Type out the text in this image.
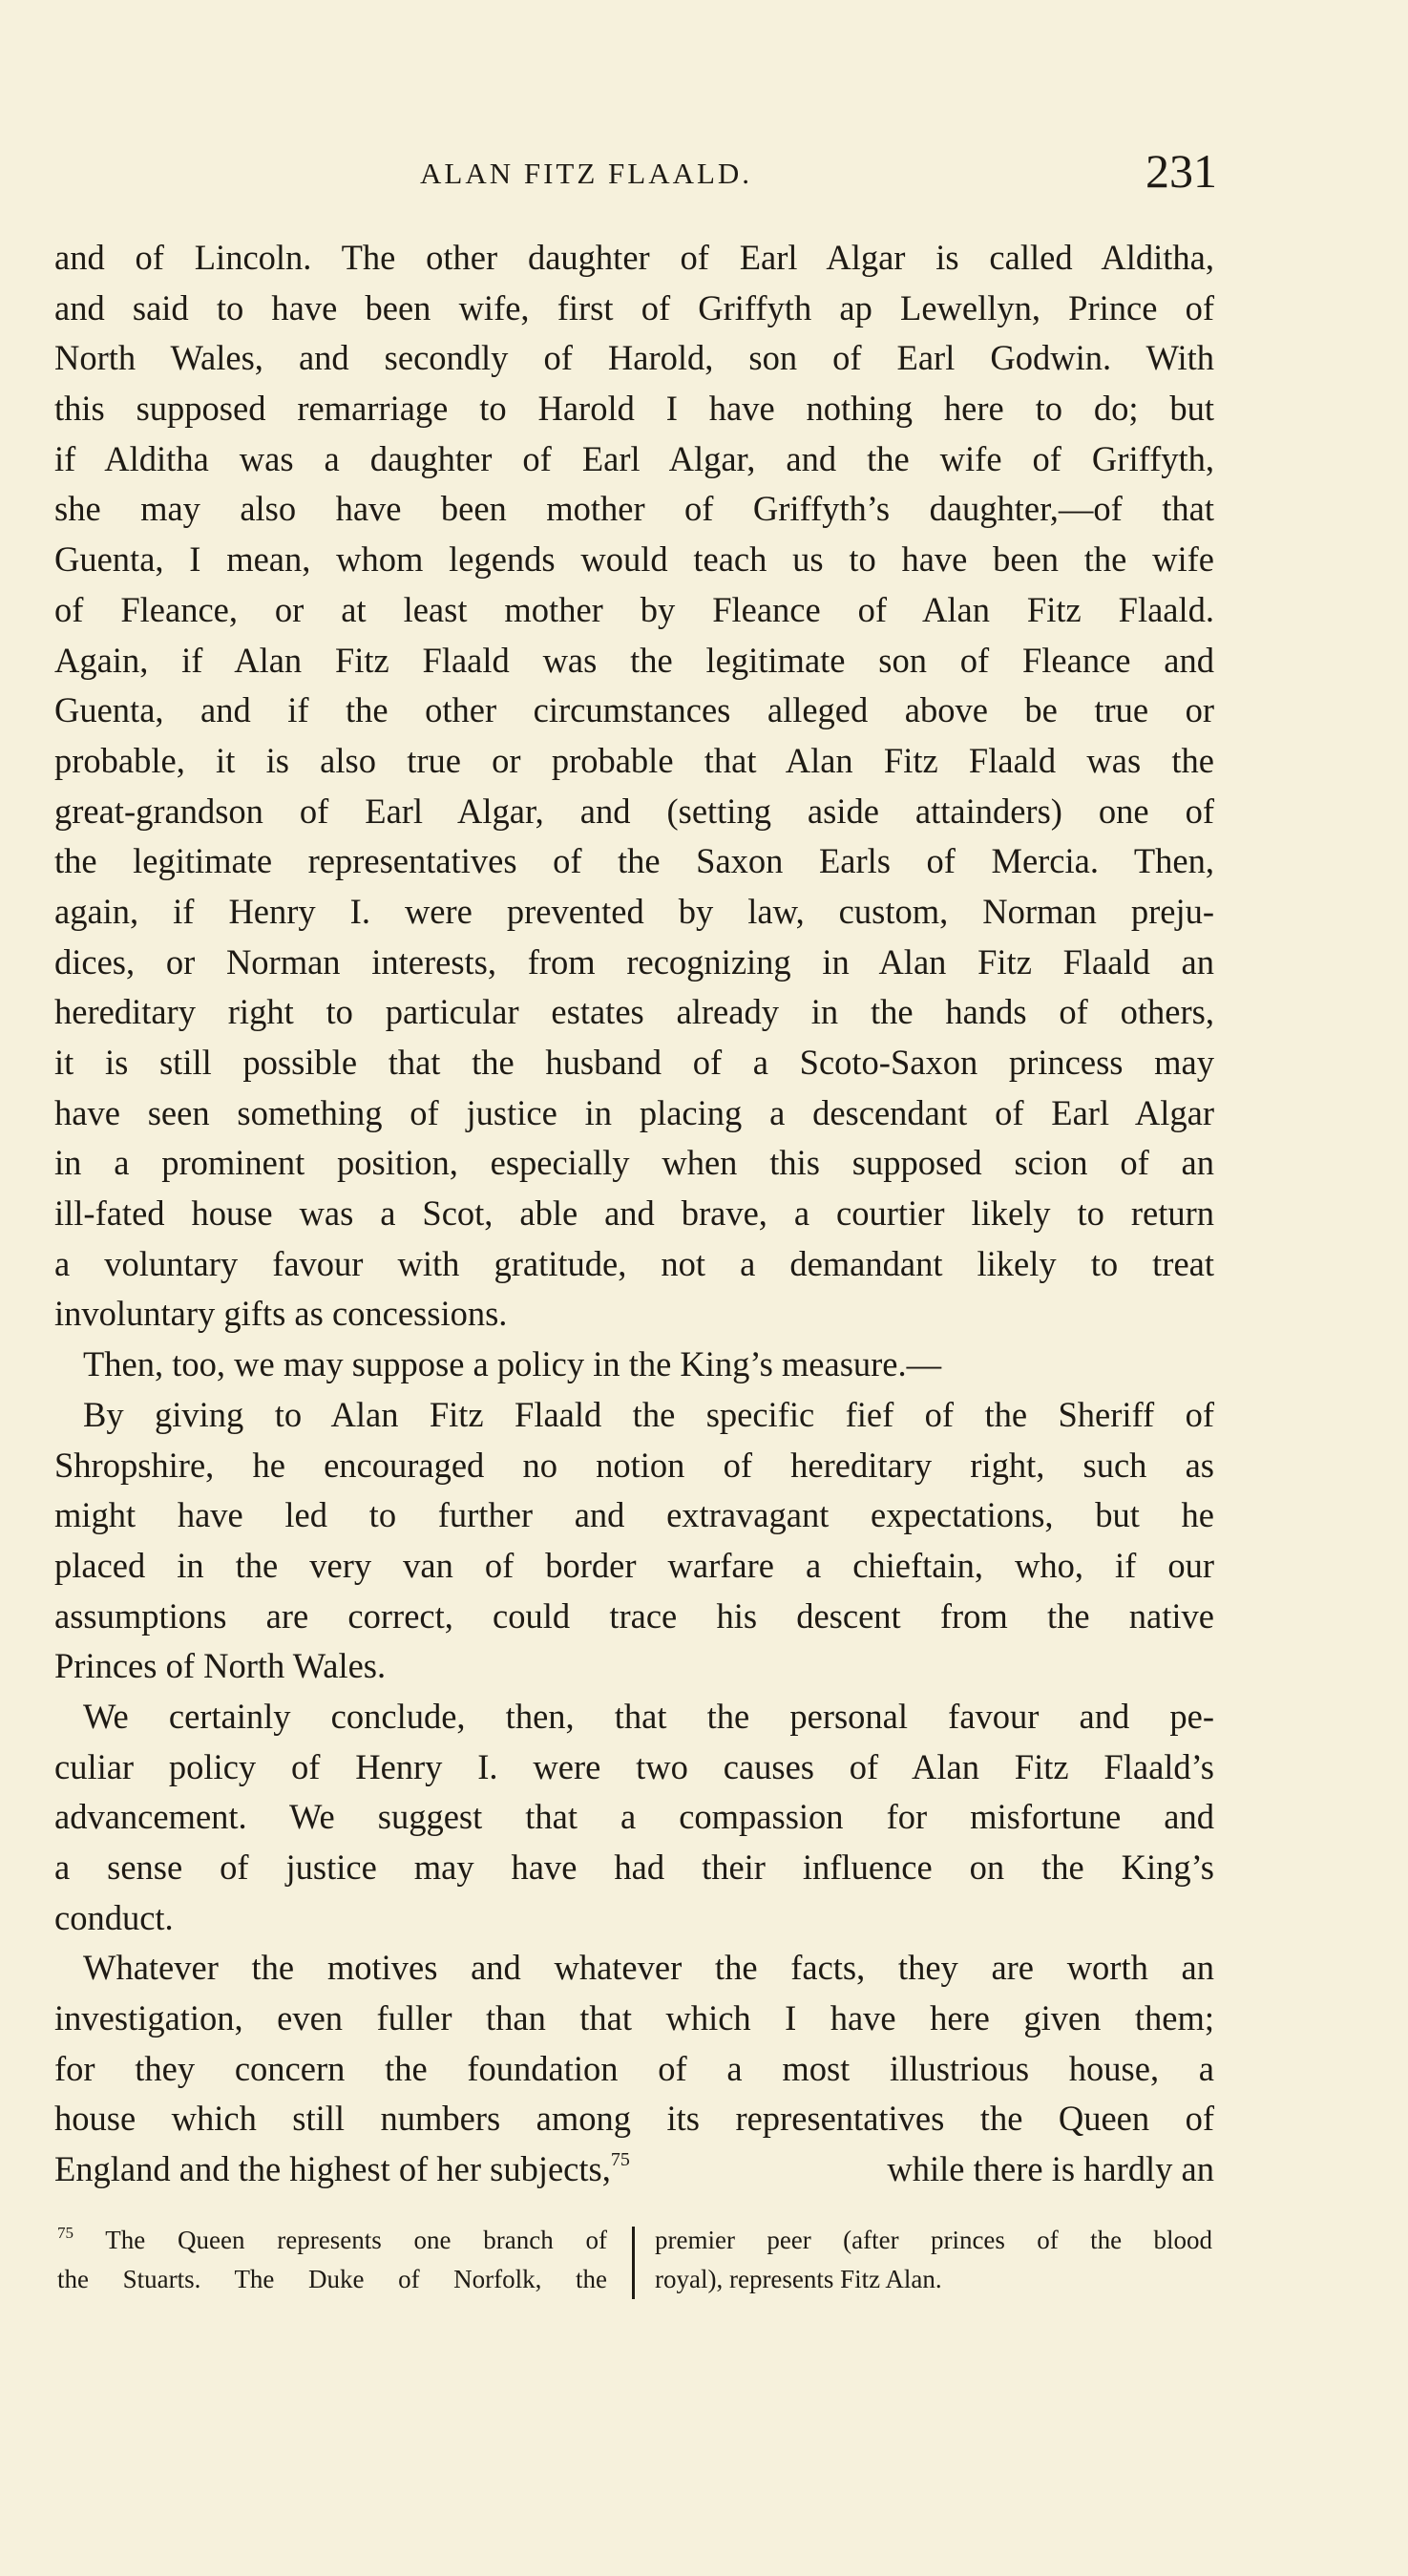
ALAN FITZ FLAALD.	231
and of Lincoln. The other daughter of Earl Algar is called Alditha,
and said to have been wife, first of Griffyth ap Lewellyn, Prince of
North Wales, and secondly of Harold, son of Earl Godwin. With
this supposed remarriage to Harold I have nothing here to do; but
if Alditha was a daughter of Earl Algar, and the wife of Griffyth,
she may also have been mother of Griffyth’s daughter,—of that
Guenta, I mean, whom legends would teach us to have been the wife
of Fleance, or at least mother by Fleance of Alan Fitz Flaald.
Again, if Alan Fitz Flaald was the legitimate son of Fleance and
Guenta, and if the other circumstances alleged above be true or
probable, it is also true or probable that Alan Fitz Flaald was the
great-grandson of Earl Algar, and (setting aside attainders) one of
the legitimate representatives of the Saxon Earls of Mercia. Then,
again, if Henry I. were prevented by law, custom, Norman preju-
dices, or Norman interests, from recognizing in Alan Fitz Flaald an
hereditary right to particular estates already in the hands of others,
it is still possible that the husband of a Scoto-Saxon princess may
have seen something of justice in placing a descendant of Earl Algar
in a prominent position, especially when this supposed scion of an
ill-fated house was a Scot, able and brave, a courtier likely to return
a voluntary favour with gratitude, not a demandant likely to treat
involuntary gifts as concessions.
Then, too, we may suppose a policy in the King’s measure.—
By giving to Alan Fitz Flaald the specific fief of the Sheriff of
Shropshire, he encouraged no notion of hereditary right, such as
might have led to further and extravagant expectations, but he
placed in the very van of border warfare a chieftain, who, if our
assumptions are correct, could trace his descent from the native
Princes of North Wales.
We certainly conclude, then, that the personal favour and pe-
culiar policy of Henry I. were two causes of Alan Fitz Flaald’s
advancement. We suggest that a compassion for misfortune and
a sense of justice may have had their influence on the King’s
conduct.
Whatever the motives and whatever the facts, they are worth an
investigation, even fuller than that which I have here given them;
for they concern the foundation of a most illustrious house, a
house which still numbers among its representatives the Queen of
England and the highest of her subjects,$^{75}$	while there is hardly an
$^{75}$ The Queen represents one branch of
the Stuarts. The Duke of Norfolk, the
premier peer (after princes of the blood
royal), represents Fitz Alan.
